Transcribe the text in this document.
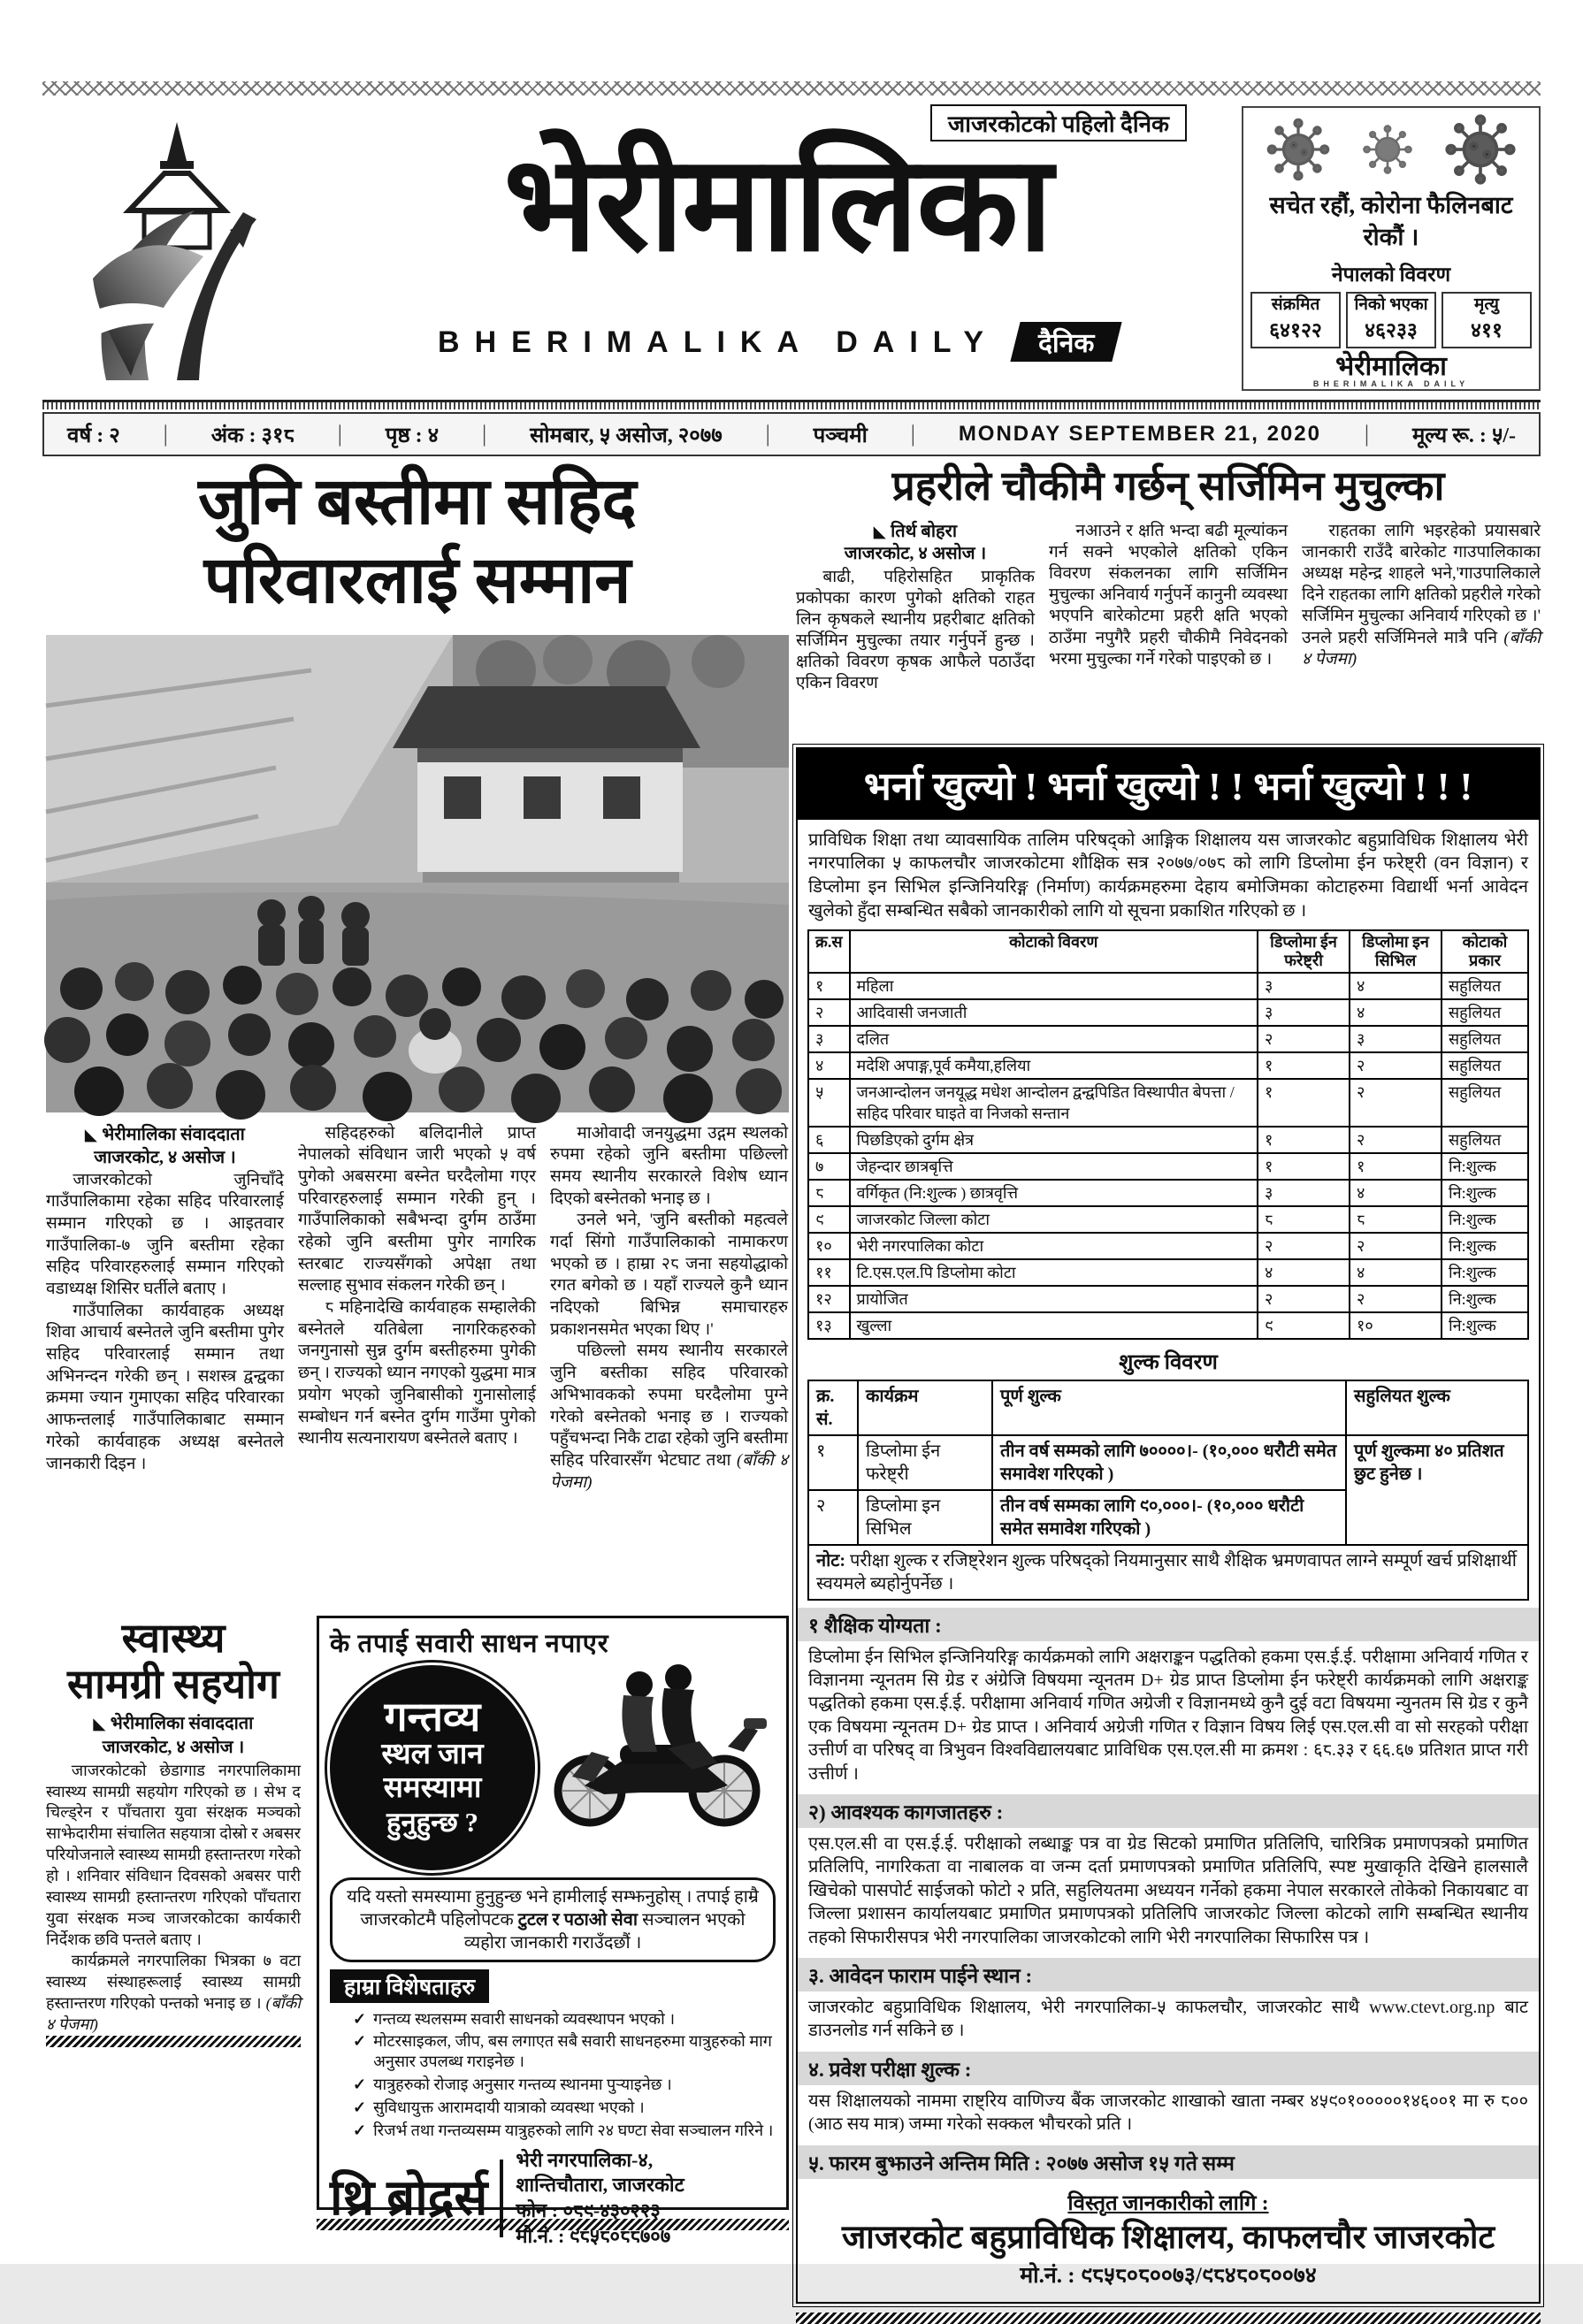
जाजरकोटको पहिलो दैनिक
भेरीमालिका
BHERIMALIKA DAILY दैनिक
सचेत रहौं, कोरोना फैलिनबाट रोकौं ।
नेपालको विवरण
संक्रमित
६४१२२
निको भएका
४६२३३
मृत्यु
४११
भेरीमालिका
BHERIMALIKA DAILY
वर्ष : २ | अंक : ३१८ | पृष्ठ : ४ | सोमबार, ५ असोज, २०७७ | पञ्चमी | MONDAY SEPTEMBER 21, 2020 | मूल्य रू. : ५/-
जुनि बस्तीमा सहिद
परिवारलाई सम्मान
◣ भेरीमालिका संवाददाता
जाजरकोट, ४ असोज ।

जाजरकोटको जुनिचाँदे गाउँपालिकामा रहेका सहिद परिवारलाई सम्मान गरिएको छ । आइतवार गाउँपालिका-७ जुनि बस्तीमा रहेका सहिद परिवारहरुलाई सम्मान गरिएको वडाध्यक्ष शिसिर घर्तीले बताए ।

गाउँपालिका कार्यवाहक अध्यक्ष शिवा आचार्य बस्नेतले जुनि बस्तीमा पुगेर सहिद परिवारलाई सम्मान तथा अभिनन्दन गरेकी छन् । सशस्त्र द्वन्द्वका क्रममा ज्यान गुमाएका सहिद परिवारका आफन्तलाई गाउँपालिकाबाट सम्मान गरेको कार्यवाहक अध्यक्ष बस्नेतले जानकारी दिइन ।

सहिदहरुको बलिदानीले प्राप्त नेपालको संविधान जारी भएको ५ वर्ष पुगेको अबसरमा बस्नेत घरदैलोमा गएर परिवारहरुलाई सम्मान गरेकी हुन् । गाउँपालिकाको सबैभन्दा दुर्गम ठाउँमा रहेको जुनि बस्तीमा पुगेर नागरिक स्तरबाट राज्यसँगको अपेक्षा तथा सल्लाह सुभाव संकलन गरेकी छन् ।

८ महिनादेखि कार्यवाहक सम्हालेकी बस्नेतले यतिबेला नागरिकहरुको जनगुनासो सुन्न दुर्गम बस्तीहरुमा पुगेकी छन् । राज्यको ध्यान नगएको युद्धमा मात्र प्रयोग भएको जुनिबासीको गुनासोलाई सम्बोधन गर्न बस्नेत दुर्गम गाउँमा पुगेको स्थानीय सत्यनारायण बस्नेतले बताए ।

माओवादी जनयुद्धमा उद्गम स्थलको रुपमा रहेको जुनि बस्तीमा पछिल्लो समय स्थानीय सरकारले विशेष ध्यान दिएको बस्नेतको भनाइ छ ।

उनले भने, 'जुनि बस्तीको महत्वले गर्दा सिंगो गाउँपालिकाको नामाकरण भएको छ । हाम्रा २८ जना सहयोद्धाको रगत बगेको छ । यहाँ राज्यले कुनै ध्यान नदिएको बिभिन्न समाचारहरु प्रकाशनसमेत भएका थिए ।'

पछिल्लो समय स्थानीय सरकारले जुनि बस्तीका सहिद परिवारको अभिभावकको रुपमा घरदैलोमा पुग्ने गरेको बस्नेतको भनाइ छ । राज्यको पहुँचभन्दा निकै टाढा रहेको जुनि बस्तीमा सहिद परिवारसँग भेटघाट तथा (बाँकी ४ पेजमा)

स्वास्थ्य
सामग्री सहयोग
◣ भेरीमालिका संवाददाता
जाजरकोट, ४ असोज ।

जाजरकोटको छेडागाड नगरपालिकामा स्वास्थ्य सामग्री सहयोग गरिएको छ । सेभ द चिल्ड्रेन र पाँचतारा युवा संरक्षक मञ्चको साझेदारीमा संचालित सहयात्रा दोस्रो र अबसर परियोजनाले स्वास्थ्य सामग्री हस्तान्तरण गरेको हो । शनिवार संविधान दिवसको अबसर पारी स्वास्थ्य सामग्री हस्तान्तरण गरिएको पाँचतारा युवा संरक्षक मञ्च जाजरकोटका कार्यकारी निर्देशक छवि पन्तले बताए ।

कार्यक्रमले नगरपालिका भित्रका ७ वटा स्वास्थ्य संस्थाहरूलाई स्वास्थ्य सामग्री हस्तान्तरण गरिएको पन्तको भनाइ छ । (बाँकी ४ पेजमा)

के तपाई सवारी साधन नपाएर
गन्तव्य
स्थल जान
समस्यामा
हुनुहुन्छ ?
यदि यस्तो समस्यामा हुनुहुन्छ भने हामीलाई सम्झनुहोस् । तपाई हाम्रै जाजरकोटमै पहिलोपटक टुटल र पठाओ सेवा सञ्चालन भएको व्यहोरा जानकारी गराउँदछौं ।
हाम्रा विशेषताहरु
✓ गन्तव्य स्थलसम्म सवारी साधनको व्यवस्थापन भएको ।
✓ मोटरसाइकल, जीप, बस लगाएत सबै सवारी साधनहरुमा यात्रुहरुको माग अनुसार उपलब्ध गराइनेछ ।
✓ यात्रुहरुको रोजाइ अनुसार गन्तव्य स्थानमा पुऱ्याइनेछ ।
✓ सुविधायुक्त आरामदायी यात्राको व्यवस्था भएको ।
✓ रिजर्भ तथा गन्तव्यसम्म यात्रुहरुको लागि २४ घण्टा सेवा सञ्चालन गरिने ।
थ्रि ब्रोद्रर्स
भेरी नगरपालिका-४,
शान्तिचौतारा, जाजरकोट
फोन : ०८९-४३०२२३
मो.नं. : ९८५८०८८७०७
प्रहरीले चौकीमै गर्छन् सर्जिमिन मुचुल्का
◣ तिर्थ बोहरा
जाजरकोट, ४ असोज ।

बाढी, पहिरोसहित प्राकृतिक प्रकोपका कारण पुगेको क्षतिको राहत लिन कृषकले स्थानीय प्रहरीबाट क्षतिको सर्जिमिन मुचुल्का तयार गर्नुपर्ने हुन्छ । क्षतिको विवरण कृषक आफैले पठाउँदा एकिन विवरण

नआउने र क्षति भन्दा बढी मूल्यांकन गर्न सक्ने भएकोले क्षतिको एकिन विवरण संकलनका लागि सर्जिमिन मुचुल्का अनिवार्य गर्नुपर्ने कानुनी व्यवस्था भएपनि बारेकोटमा प्रहरी क्षति भएको ठाउँमा नपुगैरै प्रहरी चौकीमै निवेदनको भरमा मुचुल्का गर्ने गरेको पाइएको छ ।

राहतका लागि भइरहेको प्रयासबारे जानकारी राउँदै बारेकोट गाउपालिकाका अध्यक्ष महेन्द्र शाहले भने,'गाउपालिकाले दिने राहतका लागि क्षतिको प्रहरीले गरेको सर्जिमिन मुचुल्का अनिवार्य गरिएको छ ।' उनले प्रहरी सर्जिमिनले मात्रै पनि (बाँकी ४ पेजमा)

भर्ना खुल्यो ! भर्ना खुल्यो ! ! भर्ना खुल्यो ! ! !
प्राविधिक शिक्षा तथा व्यावसायिक तालिम परिषद्को आङ्गिक शिक्षालय यस जाजरकोट बहुप्राविधिक शिक्षालय भेरी नगरपालिका ५ काफलचौर जाजरकोटमा शौक्षिक सत्र २०७७/०७८ को लागि डिप्लोमा ईन फरेष्ट्री (वन विज्ञान) र डिप्लोमा इन सिभिल इन्जिनियरिङ्ग (निर्माण) कार्यक्रमहरुमा देहाय बमोजिमका कोटाहरुमा विद्यार्थी भर्ना आवेदन खुलेको हुँदा सम्बन्धित सबैको जानकारीको लागि यो सूचना प्रकाशित गरिएको छ ।
क्र.स	कोटाको विवरण	डिप्लोमा ईन फरेष्ट्री	डिप्लोमा इन सिभिल	कोटाको प्रकार
१	महिला	३	४	सहुलियत
२	आदिवासी जनजाती	३	४	सहुलियत
३	दलित	२	३	सहुलियत
४	मदेशि अपाङ्ग,पूर्व कमैया,हलिया	१	२	सहुलियत
५	जनआन्दोलन जनयूद्ध मधेश आन्दोलन द्वन्द्वपिडित विस्थापीत बेपत्ता /सहिद परिवार घाइते वा निजको सन्तान	१	२	सहुलियत
६	पिछडिएको दुर्गम क्षेत्र	१	२	सहुलियत
७	जेहन्दार छात्रबृत्ति	१	१	नि:शुल्क
८	वर्गिकृत (नि:शुल्क ) छात्रवृत्ति	३	४	नि:शुल्क
९	जाजरकोट जिल्ला कोटा	८	८	नि:शुल्क
१०	भेरी नगरपालिका कोटा	२	२	नि:शुल्क
११	टि.एस.एल.पि डिप्लोमा कोटा	४	४	नि:शुल्क
१२	प्रायोजित	२	२	नि:शुल्क
१३	खुल्ला	९	१०	नि:शुल्क
शुल्क विवरण
क्र. सं.	कार्यक्रम	पूर्ण शुल्क	सहुलियत शुल्क
१	डिप्लोमा ईन फरेष्ट्री	तीन वर्ष सम्मको लागि ७००००।- (१०,००० धरौटी समेत समावेश गरिएको )	पूर्ण शुल्कमा ४० प्रतिशत छुट हुनेछ ।
२	डिप्लोमा इन सिभिल	तीन वर्ष सम्मका लागि ९०,०००।- (१०,००० धरौटी समेत समावेश गरिएको )	
नोट: परीक्षा शुल्क र रजिष्ट्रेशन शुल्क परिषद्को नियमानुसार साथै शैक्षिक भ्रमणवापत लाग्ने सम्पूर्ण खर्च प्रशिक्षार्थी स्वयमले ब्यहोर्नुपर्नेछ ।			
१ शैक्षिक योग्यता :
डिप्लोमा ईन सिभिल इन्जिनियरिङ्ग कार्यक्रमको लागि अक्षराङ्कन पद्धतिको हकमा एस.ई.ई. परीक्षामा अनिवार्य गणित र विज्ञानमा न्यूनतम सि ग्रेड र अंग्रेजि विषयमा न्यूनतम D+ ग्रेड प्राप्त डिप्लोमा ईन फरेष्ट्री कार्यक्रमको लागि अक्षराङ्क पद्धतिको हकमा एस.ई.ई. परीक्षामा अनिवार्य गणित अग्रेजी र विज्ञानमध्ये कुनै दुई वटा विषयमा न्युनतम सि ग्रेड र कुनै एक विषयमा न्यूनतम D+ ग्रेड प्राप्त । अनिवार्य अग्रेजी गणित र विज्ञान विषय लिई एस.एल.सी वा सो सरहको परीक्षा उत्तीर्ण वा परिषद् वा त्रिभुवन विश्वविद्यालयबाट प्राविधिक एस.एल.सी मा क्रमश : ६८.३३ र ६६.६७ प्रतिशत प्राप्त गरी उत्तीर्ण ।
२) आवश्यक कागजातहरु :
एस.एल.सी वा एस.ई.ई. परीक्षाको लब्धाङ्क पत्र वा ग्रेड सिटको प्रमाणित प्रतिलिपि, चारित्रिक प्रमाणपत्रको प्रमाणित प्रतिलिपि, नागरिकता वा नाबालक वा जन्म दर्ता प्रमाणपत्रको प्रमाणित प्रतिलिपि, स्पष्ट मुखाकृति देखिने हालसालै खिचेको पासपोर्ट साईजको फोटो २ प्रति, सहुलियतमा अध्ययन गर्नेको हकमा नेपाल सरकारले तोकेको निकायबाट वा जिल्ला प्रशासन कार्यालयबाट प्रमाणित प्रमाणपत्रको प्रतिलिपि जाजरकोट जिल्ला कोटको लागि सम्बन्धित स्थानीय तहको सिफारीसपत्र भेरी नगरपालिका जाजरकोटको लागि भेरी नगरपालिका सिफारिस पत्र ।
३. आवेदन फाराम पाईने स्थान :
जाजरकोट बहुप्राविधिक शिक्षालय, भेरी नगरपालिका-५ काफलचौर, जाजरकोट साथै www.ctevt.org.np बाट डाउनलोड गर्न सकिने छ ।
४. प्रवेश परीक्षा शुल्क :
यस शिक्षालयको नाममा राष्ट्रिय वाणिज्य बैंक जाजरकोट शाखाको खाता नम्बर ४५९०१०००००१४६००१ मा रु ८०० (आठ सय मात्र) जम्मा गरेको सक्कल भौचरको प्रति ।
५. फारम बुझाउने अन्तिम मिति : २०७७ असोज १५ गते सम्म
विस्तृत जानकारीको लागि :
जाजरकोट बहुप्राविधिक शिक्षालय, काफलचौर जाजरकोट
मो.नं. : ९८५८०८००७३/९८४८०८००७४
